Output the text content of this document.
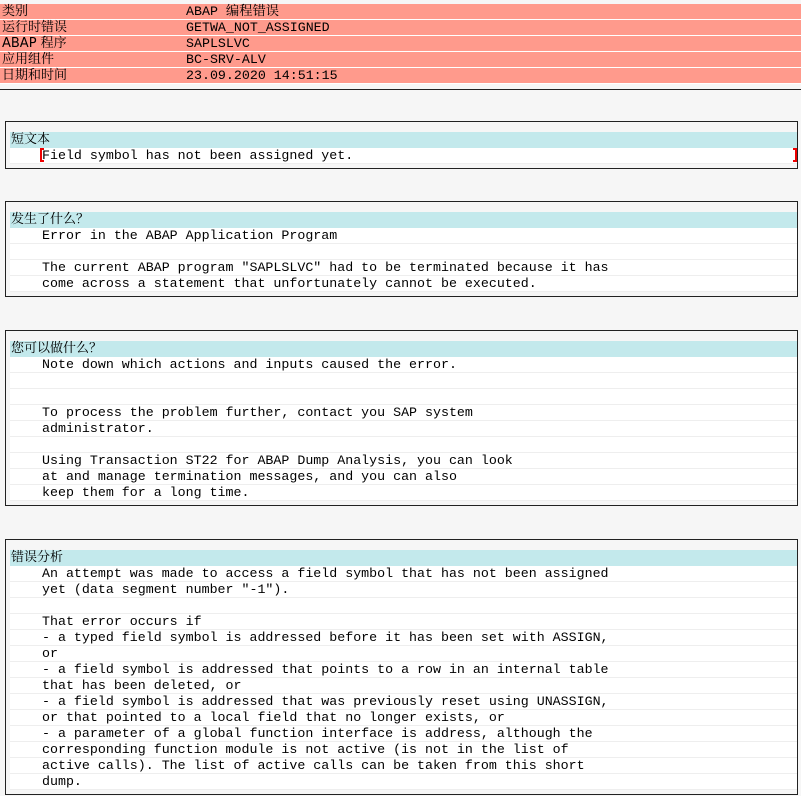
类别	ABAP 编程错误
运行时错误	GETWA_NOT_ASSIGNED
ABAP 程序	SAPLSLVC
应用组件	BC-SRV-ALV
日期和时间	23.09.2020 14:51:15
短文本
Field symbol has not been assigned yet.
发生了什么？
Error in the ABAP Application Program
The current ABAP program "SAPLSLVC" had to be terminated because it has
come across a statement that unfortunately cannot be executed.
您可以做什么？
Note down which actions and inputs caused the error.
To process the problem further, contact you SAP system
administrator.
Using Transaction ST22 for ABAP Dump Analysis, you can look
at and manage termination messages, and you can also
keep them for a long time.
错误分析
An attempt was made to access a field symbol that has not been assigned
yet (data segment number "-1").
That error occurs if
- a typed field symbol is addressed before it has been set with ASSIGN,
or
- a field symbol is addressed that points to a row in an internal table
that has been deleted, or
- a field symbol is addressed that was previously reset using UNASSIGN,
or that pointed to a local field that no longer exists, or
- a parameter of a global function interface is address, although the
corresponding function module is not active (is not in the list of
active calls). The list of active calls can be taken from this short
dump.
